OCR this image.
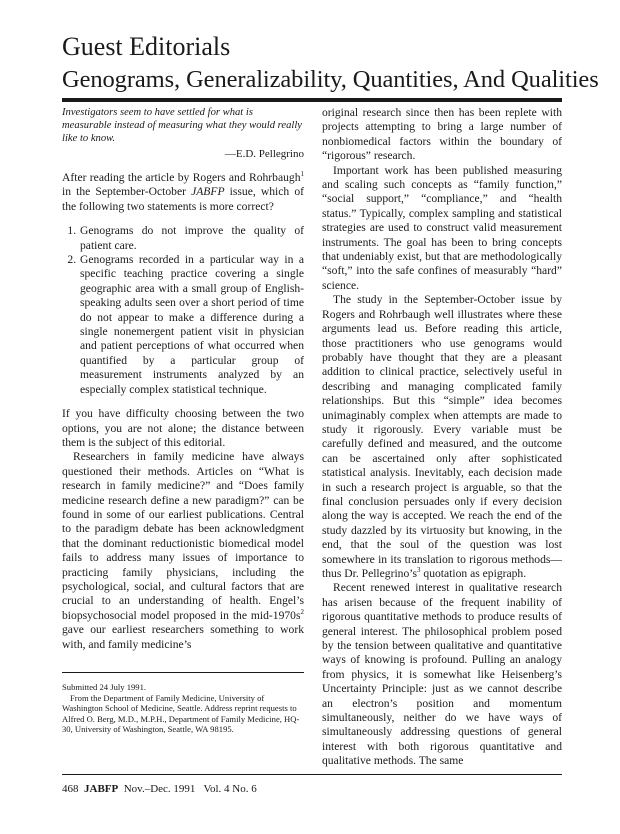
Guest Editorials
Genograms, Generalizability, Quantities, And Qualities

Investigators seem to have settled for what is measurable instead of measuring what they would really like to know.

—E.D. Pellegrino

After reading the article by Rogers and Rohrbaugh$^1$ in the September-October JABFP issue, which of the following two statements is more correct?

1. Genograms do not improve the quality of patient care.
2. Genograms recorded in a particular way in a specific teaching practice covering a single geographic area with a small group of English-speaking adults seen over a short period of time do not appear to make a difference during a single nonemergent patient visit in physician and patient perceptions of what occurred when quantified by a particular group of measurement instruments analyzed by an especially complex statistical technique.

If you have difficulty choosing between the two options, you are not alone; the distance between them is the subject of this editorial.

Researchers in family medicine have always questioned their methods. Articles on “What is research in family medicine?” and “Does family medicine research define a new paradigm?” can be found in some of our earliest publications. Central to the paradigm debate has been acknowledgment that the dominant reductionistic biomedical model fails to address many issues of importance to practicing family physicians, including the psychological, social, and cultural factors that are crucial to an understanding of health. Engel’s biopsychosocial model proposed in the mid-$1970s^2$ gave our earliest researchers something to work with, and family medicine’s

Submitted 24 July 1991.

From the Department of Family Medicine, University of Washington School of Medicine, Seattle. Address reprint requests to Alfred O. Berg, M.D., M.P.H., Department of Family Medicine, HQ-30, University of Washington, Seattle, WA 98195.

original research since then has been replete with projects attempting to bring a large number of nonbiomedical factors within the boundary of “rigorous” research.

Important work has been published measuring and scaling such concepts as “family function,” “social support,” “compliance,” and “health status.” Typically, complex sampling and statistical strategies are used to construct valid measurement instruments. The goal has been to bring concepts that undeniably exist, but that are methodologically “soft,” into the safe confines of measurably “hard” science.

The study in the September-October issue by Rogers and Rohrbaugh well illustrates where these arguments lead us. Before reading this article, those practitioners who use genograms would probably have thought that they are a pleasant addition to clinical practice, selectively useful in describing and managing complicated family relationships. But this “simple” idea becomes unimaginably complex when attempts are made to study it rigorously. Every variable must be carefully defined and measured, and the outcome can be ascertained only after sophisticated statistical analysis. Inevitably, each decision made in such a research project is arguable, so that the final conclusion persuades only if every decision along the way is accepted. We reach the end of the study dazzled by its virtuosity but knowing, in the end, that the soul of the question was lost somewhere in its translation to rigorous methods—thus Dr. $Pellegrino’s^3$ quotation as epigraph.

Recent renewed interest in qualitative research has arisen because of the frequent inability of rigorous quantitative methods to produce results of general interest. The philosophical problem posed by the tension between qualitative and quantitative ways of knowing is profound. Pulling an analogy from physics, it is somewhat like Heisenberg’s Uncertainty Principle: just as we cannot describe an electron’s position and momentum simultaneously, neither do we have ways of simultaneously addressing questions of general interest with both rigorous quantitative and qualitative methods. The same

468 JABFP Nov.–Dec. 1991   Vol. 4 No. 6
